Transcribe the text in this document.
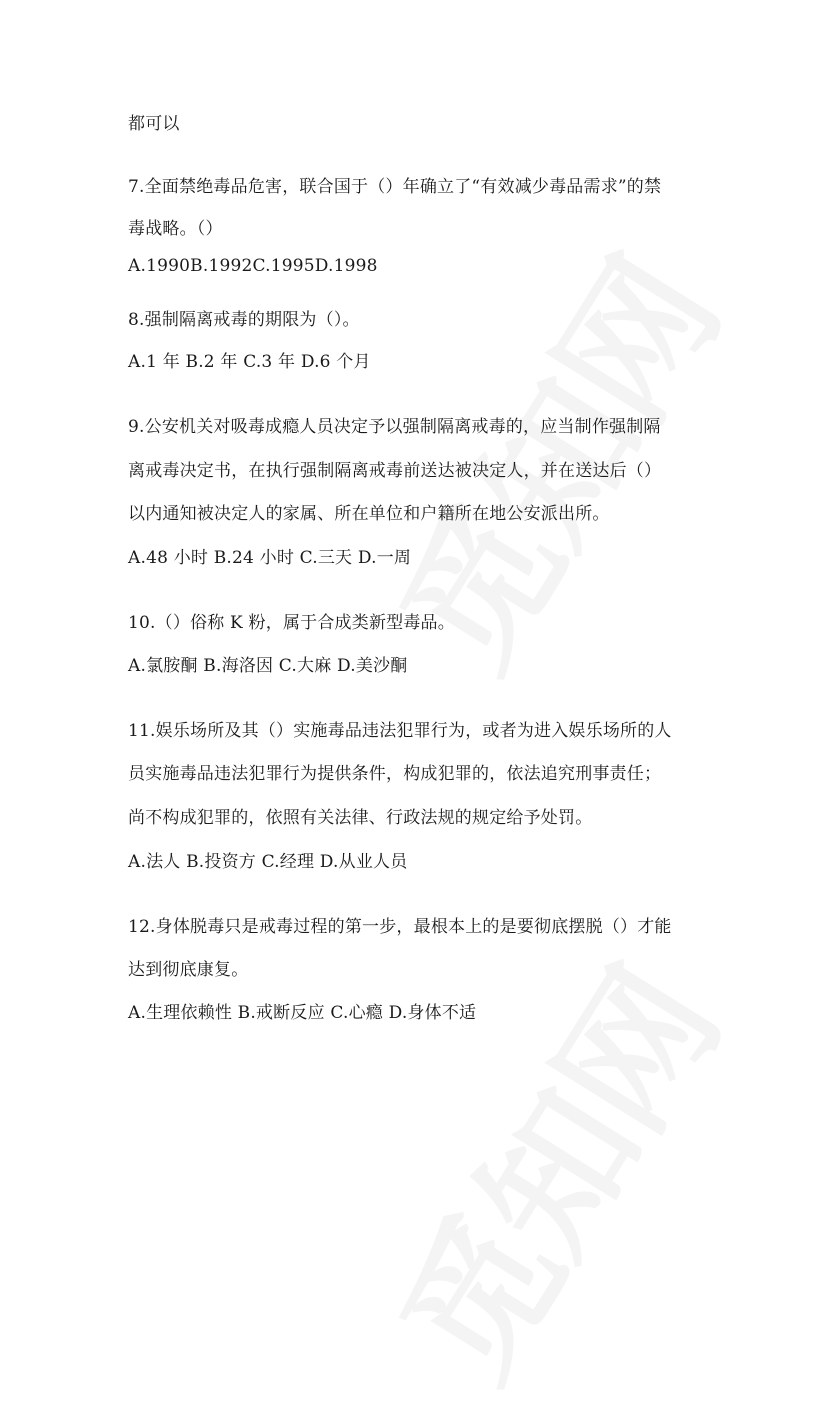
都可以
7.全面禁绝毒品危害，联合国于（）年确立了“有效减少毒品需求”的禁
毒战略。（）
A.1990B.1992C.1995D.1998
8.强制隔离戒毒的期限为（）。
A.1 年 B.2 年 C.3 年 D.6 个月
9.公安机关对吸毒成瘾人员决定予以强制隔离戒毒的，应当制作强制隔
离戒毒决定书，在执行强制隔离戒毒前送达被决定人，并在送达后（）
以内通知被决定人的家属、所在单位和户籍所在地公安派出所。
A.48 小时 B.24 小时 C.三天 D.一周
10.（）俗称 K 粉，属于合成类新型毒品。
A.氯胺酮 B.海洛因 C.大麻 D.美沙酮
11.娱乐场所及其（）实施毒品违法犯罪行为，或者为进入娱乐场所的人
员实施毒品违法犯罪行为提供条件，构成犯罪的，依法追究刑事责任；
尚不构成犯罪的，依照有关法律、行政法规的规定给予处罚。
A.法人 B.投资方 C.经理 D.从业人员
12.身体脱毒只是戒毒过程的第一步，最根本上的是要彻底摆脱（）才能
达到彻底康复。
A.生理依赖性 B.戒断反应 C.心瘾 D.身体不适
